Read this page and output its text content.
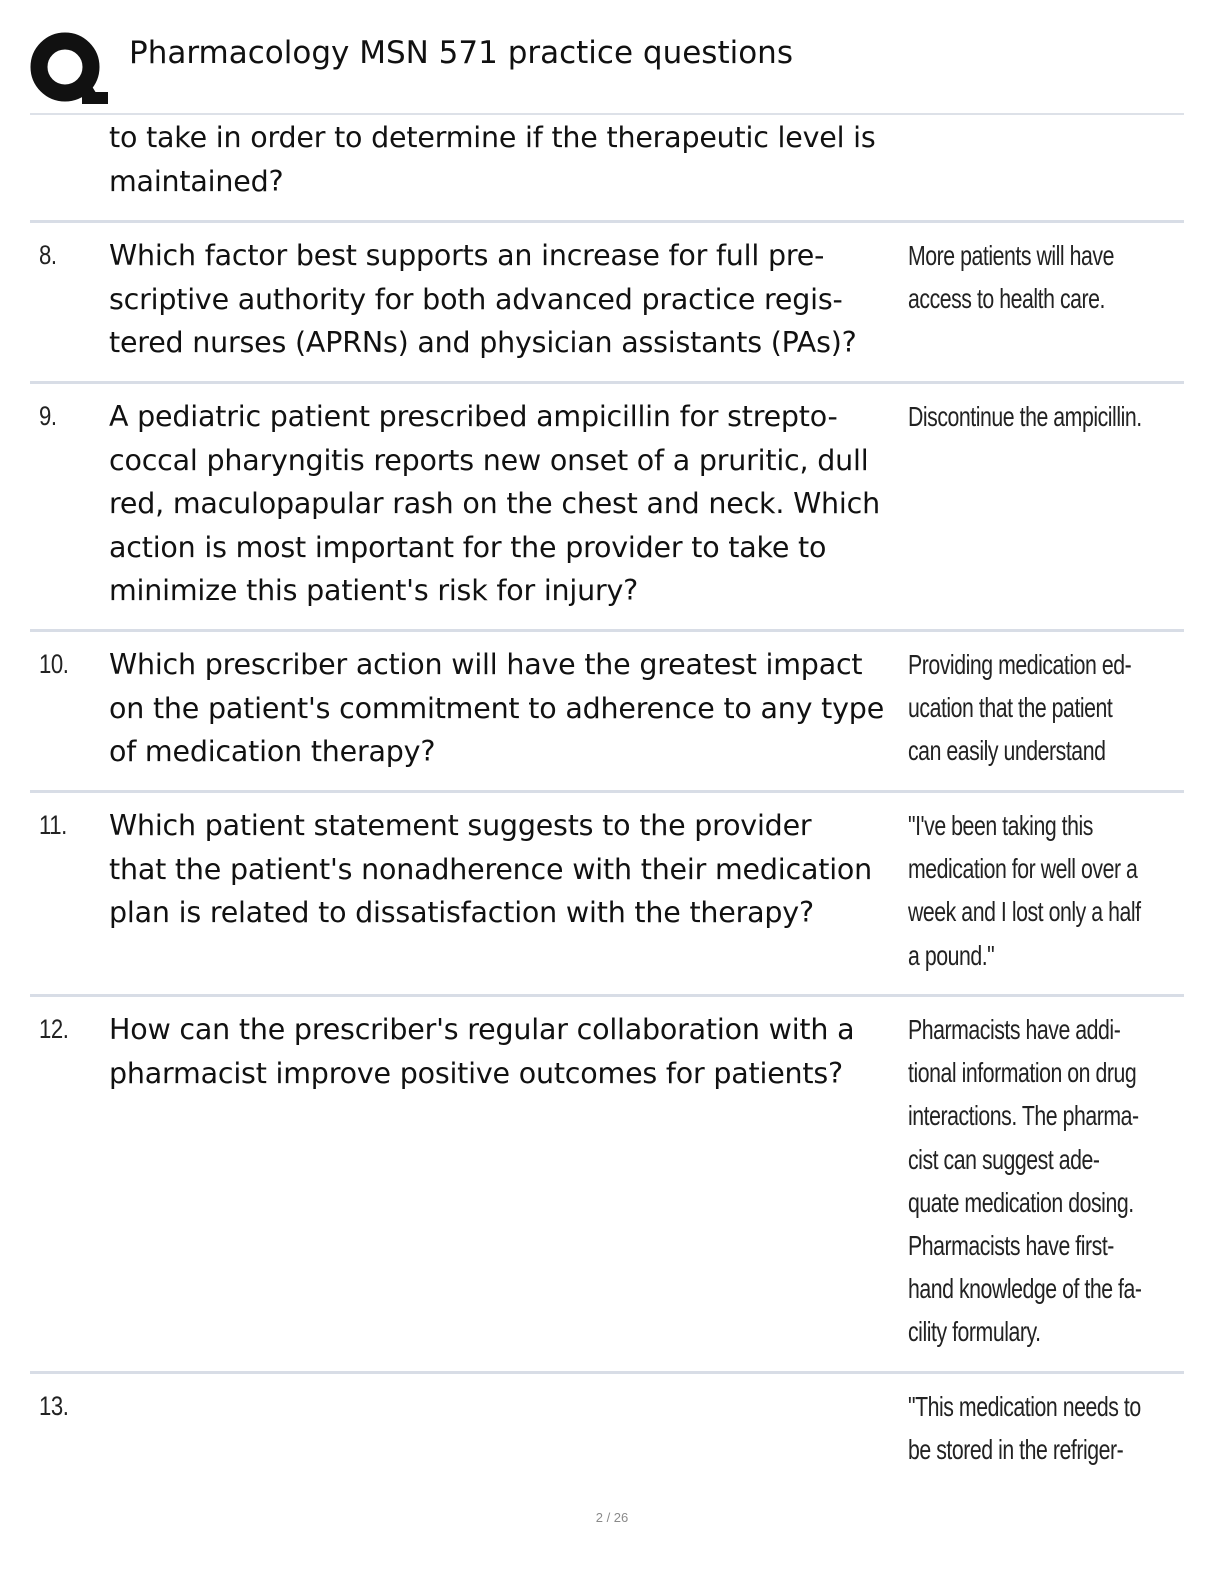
Pharmacology MSN 571 practice questions
to take in order to determine if the therapeutic level is
maintained?
8. Which factor best supports an increase for full pre-
scriptive authority for both advanced practice regis-
tered nurses (APRNs) and physician assistants (PAs)?
More patients will have
access to health care.
9. A pediatric patient prescribed ampicillin for strepto-
coccal pharyngitis reports new onset of a pruritic, dull
red, maculopapular rash on the chest and neck. Which
action is most important for the provider to take to
minimize this patient's risk for injury?
Discontinue the ampicillin.
10. Which prescriber action will have the greatest impact
on the patient's commitment to adherence to any type
of medication therapy?
Providing medication ed-
ucation that the patient
can easily understand
11. Which patient statement suggests to the provider
that the patient's nonadherence with their medication
plan is related to dissatisfaction with the therapy?
"I've been taking this
medication for well over a
week and I lost only a half
a pound."
12. How can the prescriber's regular collaboration with a
pharmacist improve positive outcomes for patients?
Pharmacists have addi-
tional information on drug
interactions. The pharma-
cist can suggest ade-
quate medication dosing.
Pharmacists have first-
hand knowledge of the fa-
cility formulary.
13.	"This medication needs to
be stored in the refriger-
2 / 26
